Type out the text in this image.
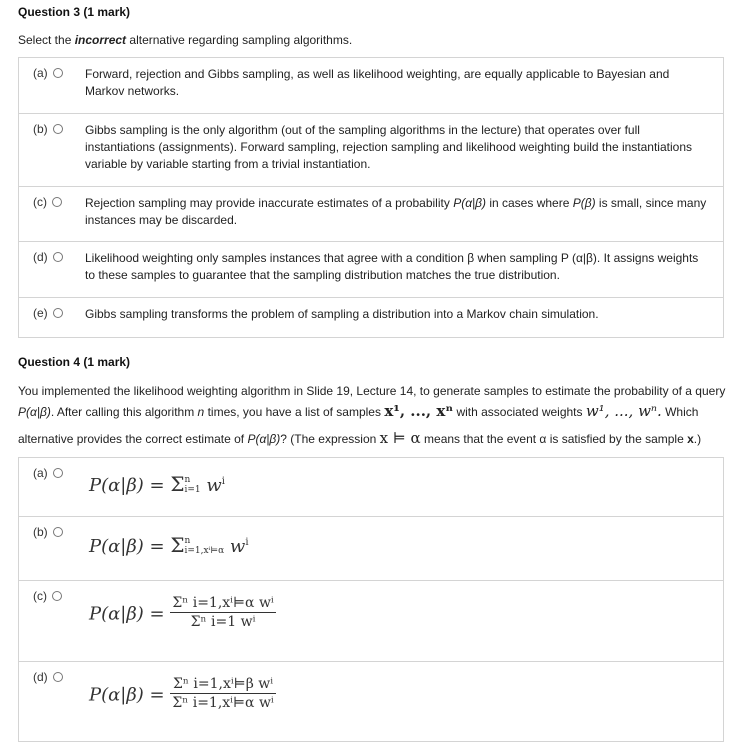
Question 3 (1 mark)
Select the incorrect alternative regarding sampling algorithms.
(a)	Forward, rejection and Gibbs sampling, as well as likelihood weighting, are equally applicable to Bayesian and Markov networks.
(b)	Gibbs sampling is the only algorithm (out of the sampling algorithms in the lecture) that operates over full instantiations (assignments). Forward sampling, rejection sampling and likelihood weighting build the instantiations variable by variable starting from a trivial instantiation.
(c)	Rejection sampling may provide inaccurate estimates of a probability P(α|β) in cases where P(β) is small, since many instances may be discarded.
(d)	Likelihood weighting only samples instances that agree with a condition β when sampling P (α|β). It assigns weights to these samples to guarantee that the sampling distribution matches the true distribution.
(e)	Gibbs sampling transforms the problem of sampling a distribution into a Markov chain simulation.
Question 4 (1 mark)
You implemented the likelihood weighting algorithm in Slide 19, Lecture 14, to generate samples to estimate the probability of a query
P(α|β). After calling this algorithm n times, you have a list of samples x¹, ..., xⁿ with associated weights w¹, ..., wⁿ. Which
alternative provides the correct estimate of P(α|β)? (The expression x ⊨ α means that the event α is satisfied by the sample x.)
(a)
P(α|β) = Σ n
i=1 $w^i$
(b)
P(α|β) = Σ n
i=1,xⁱ⊨α $w^i$
(c)
$P(\alpha|\beta) = \frac{\text{Σⁿ i=1,xⁱ⊨α wⁱ}}{\text{Σⁿ i=1 wⁱ}}$
(d)
$P(\alpha|\beta) = \frac{\text{Σⁿ i=1,xⁱ⊨β wⁱ}}{\text{Σⁿ i=1,xⁱ⊨α wⁱ}}$
